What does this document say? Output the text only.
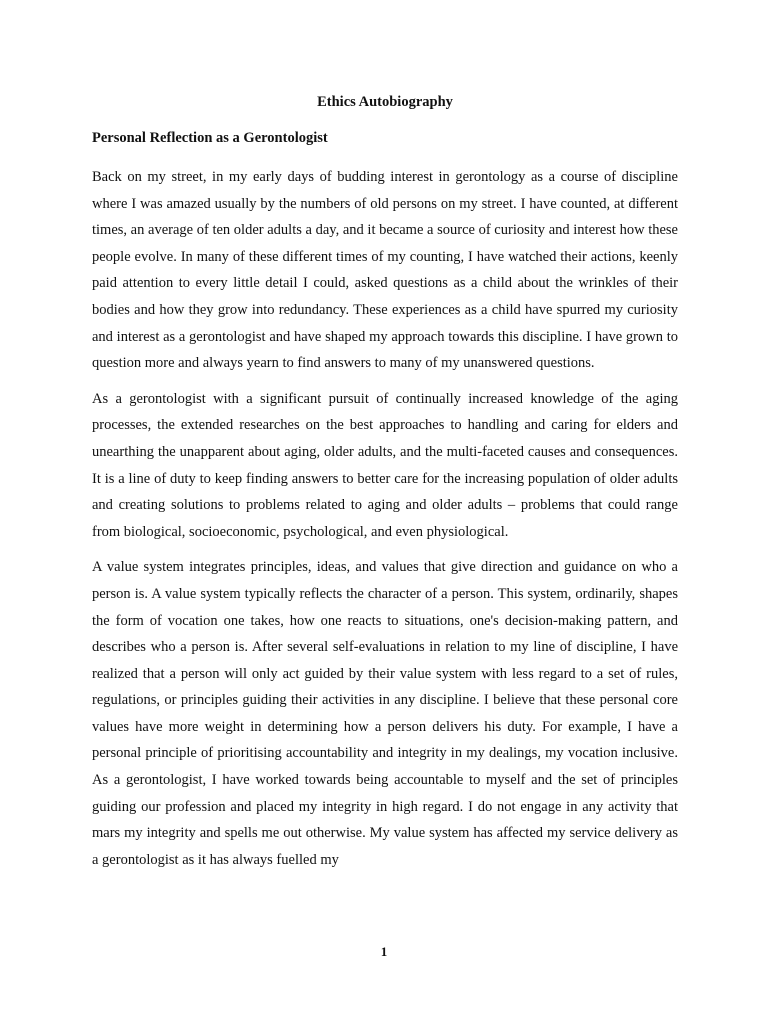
Ethics Autobiography

Personal Reflection as a Gerontologist

Back on my street, in my early days of budding interest in gerontology as a course of discipline where I was amazed usually by the numbers of old persons on my street. I have counted, at different times, an average of ten older adults a day, and it became a source of curiosity and interest how these people evolve. In many of these different times of my counting, I have watched their actions, keenly paid attention to every little detail I could, asked questions as a child about the wrinkles of their bodies and how they grow into redundancy. These experiences as a child have spurred my curiosity and interest as a gerontologist and have shaped my approach towards this discipline. I have grown to question more and always yearn to find answers to many of my unanswered questions.

As a gerontologist with a significant pursuit of continually increased knowledge of the aging processes, the extended researches on the best approaches to handling and caring for elders and unearthing the unapparent about aging, older adults, and the multi-faceted causes and consequences. It is a line of duty to keep finding answers to better care for the increasing population of older adults and creating solutions to problems related to aging and older adults – problems that could range from biological, socioeconomic, psychological, and even physiological.

A value system integrates principles, ideas, and values that give direction and guidance on who a person is. A value system typically reflects the character of a person. This system, ordinarily, shapes the form of vocation one takes, how one reacts to situations, one's decision-making pattern, and describes who a person is. After several self-evaluations in relation to my line of discipline, I have realized that a person will only act guided by their value system with less regard to a set of rules, regulations, or principles guiding their activities in any discipline. I believe that these personal core values have more weight in determining how a person delivers his duty. For example, I have a personal principle of prioritising accountability and integrity in my dealings, my vocation inclusive. As a gerontologist, I have worked towards being accountable to myself and the set of principles guiding our profession and placed my integrity in high regard. I do not engage in any activity that mars my integrity and spells me out otherwise. My value system has affected my service delivery as a gerontologist as it has always fuelled my

1
